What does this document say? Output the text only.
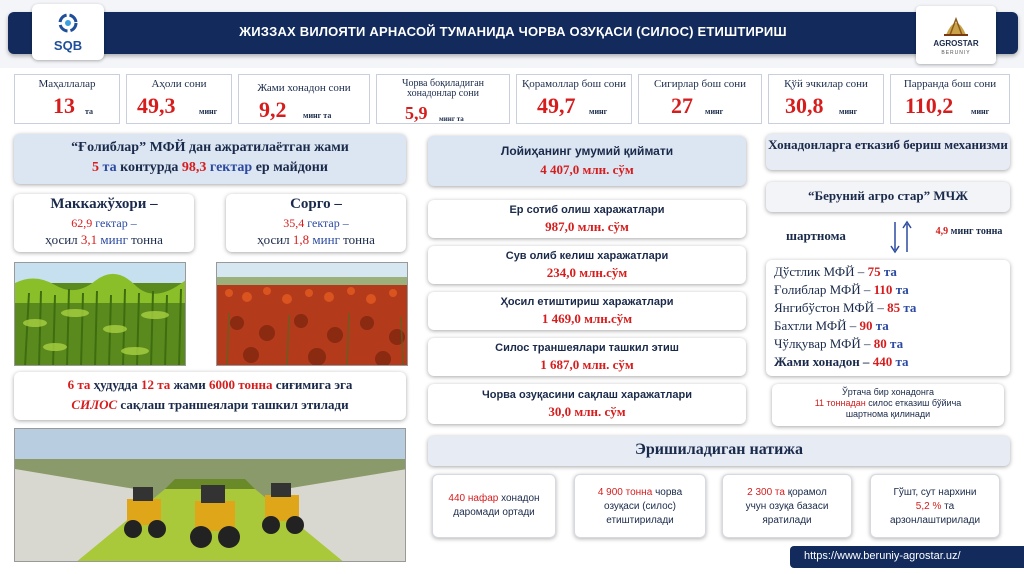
ЖИЗЗАХ ВИЛОЯТИ АРНАСОЙ ТУМАНИДА ЧОРВА ОЗУҚАСИ (СИЛОС) ЕТИШТИРИШ
SQB	AGROSTAR
BERUNIY
Маҳаллалар
13 та
Аҳоли сони
49,3	минг
Жами хонадон сони
9,2 минг та
Чорва боқиладиган хонадонлар сони
5,9 минг та
Қорамоллар бош сони
49,7 минг
Сигирлар бош сони
27 минг
Қўй эчкилар сони
30,8 минг
Парранда бош сони
110,2 минг
“Ғолиблар” МФЙ дан ажратилаётган жами
5 та контурда 98,3 гектар ер майдони
Маккажўхори –
62,9 гектар –
ҳосил 3,1 минг тонна
Сорго –
35,4 гектар –
ҳосил 1,8 минг тонна
6 та ҳудудда 12 та жами 6000 тонна сиғимига эга
СИЛОС сақлаш траншеялари ташкил этилади
Лойиҳанинг умумий қиймати
4 407,0 млн. сўм
Ер сотиб олиш харажатлари
987,0 млн. сўм
Сув олиб келиш харажатлари
234,0 млн.сўм
Ҳосил етиштириш харажатлари
1 469,0 млн.сўм
Силос траншеялари ташкил этиш
1 687,0 млн. сўм
Чорва озуқасини сақлаш харажатлари
30,0 млн. сўм
Хонадонларга етказиб бериш механизми
“Беруний агро стар” МЧЖ
шартнома	4,9 минг тонна
Дўстлик МФЙ – 75 та
Ғолиблар МФЙ – 110 та
Янгибўстон МФЙ – 85 та
Бахтли МФЙ – 90 та
Чўлқувар МФЙ – 80 та
Жами хонадон – 440 та
Ўртача бир хонадонга
11 тоннадан силос етказиш бўйича
шартнома қилинади
Эришиладиган натижа
440 нафар хонадон
даромади ортади
4 900 тонна чорва
озуқаси (силос)
етиштирилади
2 300 та қорамол
учун озуқа базаси
яратилади
Гўшт, сут нархини
5,2 % та
арзонлаштирилади
https://www.beruniy-agrostar.uz/
